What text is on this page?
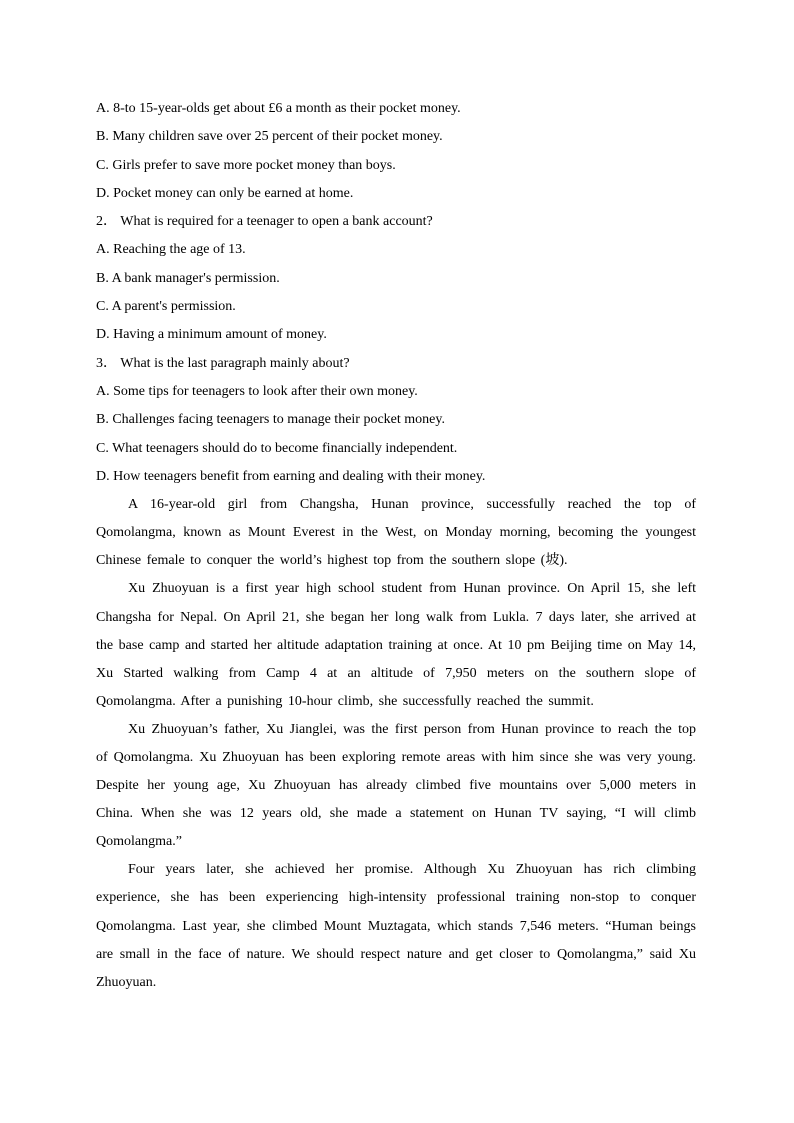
A. 8-to 15-year-olds get about £6 a month as their pocket money.
B. Many children save over 25 percent of their pocket money.
C. Girls prefer to save more pocket money than boys.
D. Pocket money can only be earned at home.
2． What is required for a teenager to open a bank account?
A. Reaching the age of 13.
B. A bank manager's permission.
C. A parent's permission.
D. Having a minimum amount of money.
3． What is the last paragraph mainly about?
A. Some tips for teenagers to look after their own money.
B. Challenges facing teenagers to manage their pocket money.
C. What teenagers should do to become financially independent.
D. How teenagers benefit from earning and dealing with their money.

A 16-year-old girl from Changsha, Hunan province, successfully reached the top of Qomolangma, known as Mount Everest in the West, on Monday morning, becoming the youngest Chinese female to conquer the world’s highest top from the southern slope (坡).

Xu Zhuoyuan is a first year high school student from Hunan province. On April 15, she left Changsha for Nepal. On April 21, she began her long walk from Lukla. 7 days later, she arrived at the base camp and started her altitude adaptation training at once. At 10 pm Beijing time on May 14, Xu Started walking from Camp 4 at an altitude of 7,950 meters on the southern slope of Qomolangma. After a punishing 10-hour climb, she successfully reached the summit.

Xu Zhuoyuan’s father, Xu Jianglei, was the first person from Hunan province to reach the top of Qomolangma. Xu Zhuoyuan has been exploring remote areas with him since she was very young. Despite her young age, Xu Zhuoyuan has already climbed five mountains over 5,000 meters in China. When she was 12 years old, she made a statement on Hunan TV saying, “I will climb Qomolangma.”

Four years later, she achieved her promise. Although Xu Zhuoyuan has rich climbing experience, she has been experiencing high-intensity professional training non-stop to conquer Qomolangma. Last year, she climbed Mount Muztagata, which stands 7,546 meters. “Human beings are small in the face of nature. We should respect nature and get closer to Qomolangma,” said Xu Zhuoyuan.
